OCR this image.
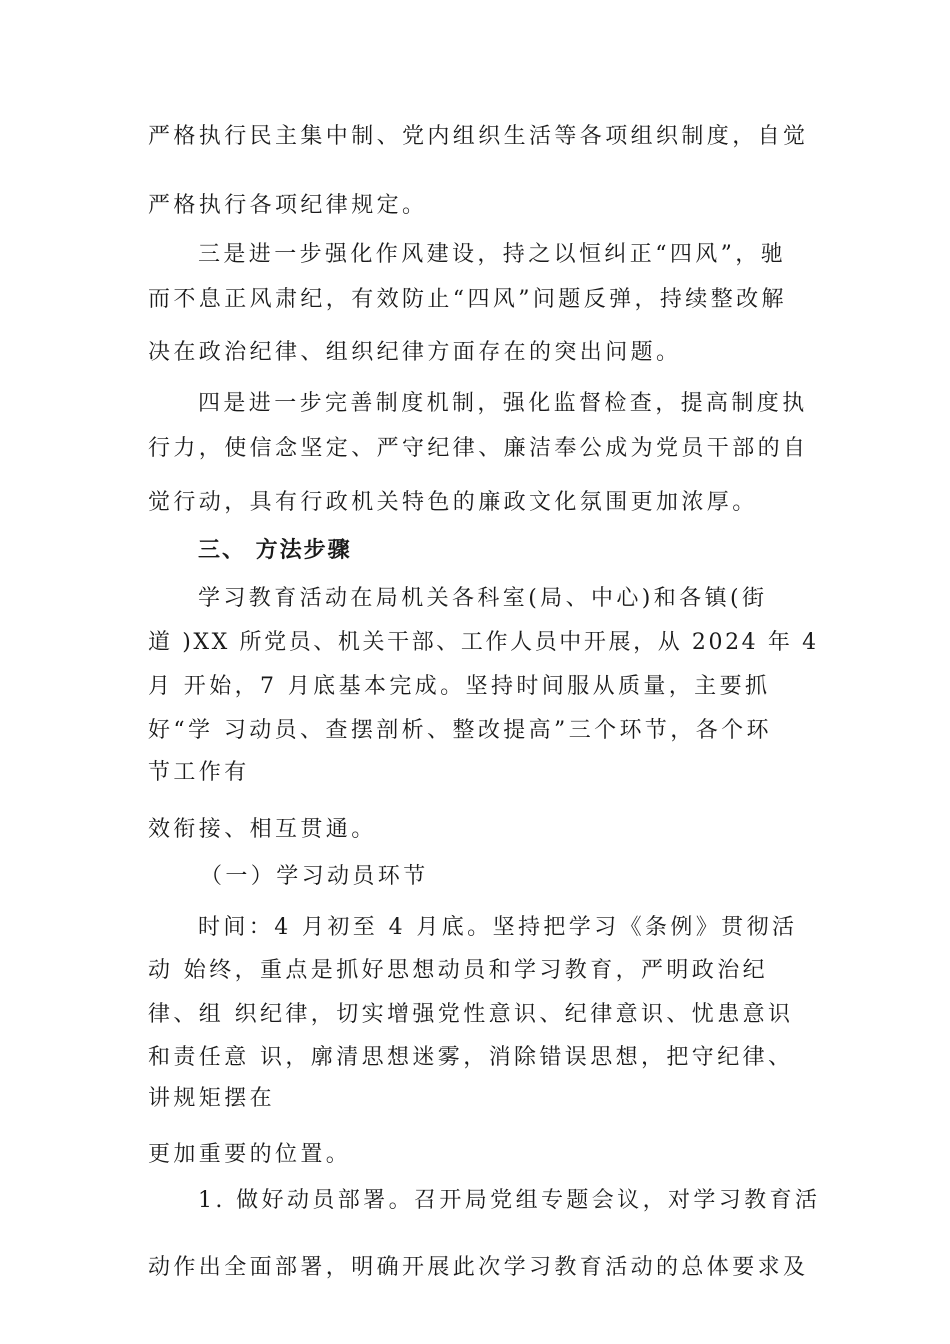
严格执行民主集中制、党内组织生活等各项组织制度，自觉
严格执行各项纪律规定。
三是进一步强化作风建设，持之以恒纠正“四风”，驰
而不息正风肃纪，有效防止“四风”问题反弹，持续整改解
决在政治纪律、组织纪律方面存在的突出问题。
四是进一步完善制度机制，强化监督检查，提高制度执
行力，使信念坚定、严守纪律、廉洁奉公成为党员干部的自
觉行动，具有行政机关特色的廉政文化氛围更加浓厚。
三、 方法步骤
学习教育活动在局机关各科室(局、中心)和各镇(街
道 )XX 所党员、机关干部、工作人员中开展，从 2024 年 4
月 开始，7 月底基本完成。坚持时间服从质量，主要抓
好“学 习动员、查摆剖析、整改提高”三个环节，各个环
节工作有
效衔接、相互贯通。
（一）学习动员环节
时间：4 月初至 4 月底。坚持把学习《条例》贯彻活
动 始终，重点是抓好思想动员和学习教育，严明政治纪
律、组 织纪律，切实增强党性意识、纪律意识、忧患意识
和责任意 识，廓清思想迷雾，消除错误思想，把守纪律、
讲规矩摆在
更加重要的位置。
1. 做好动员部署。召开局党组专题会议，对学习教育活
动作出全面部署，明确开展此次学习教育活动的总体要求及
